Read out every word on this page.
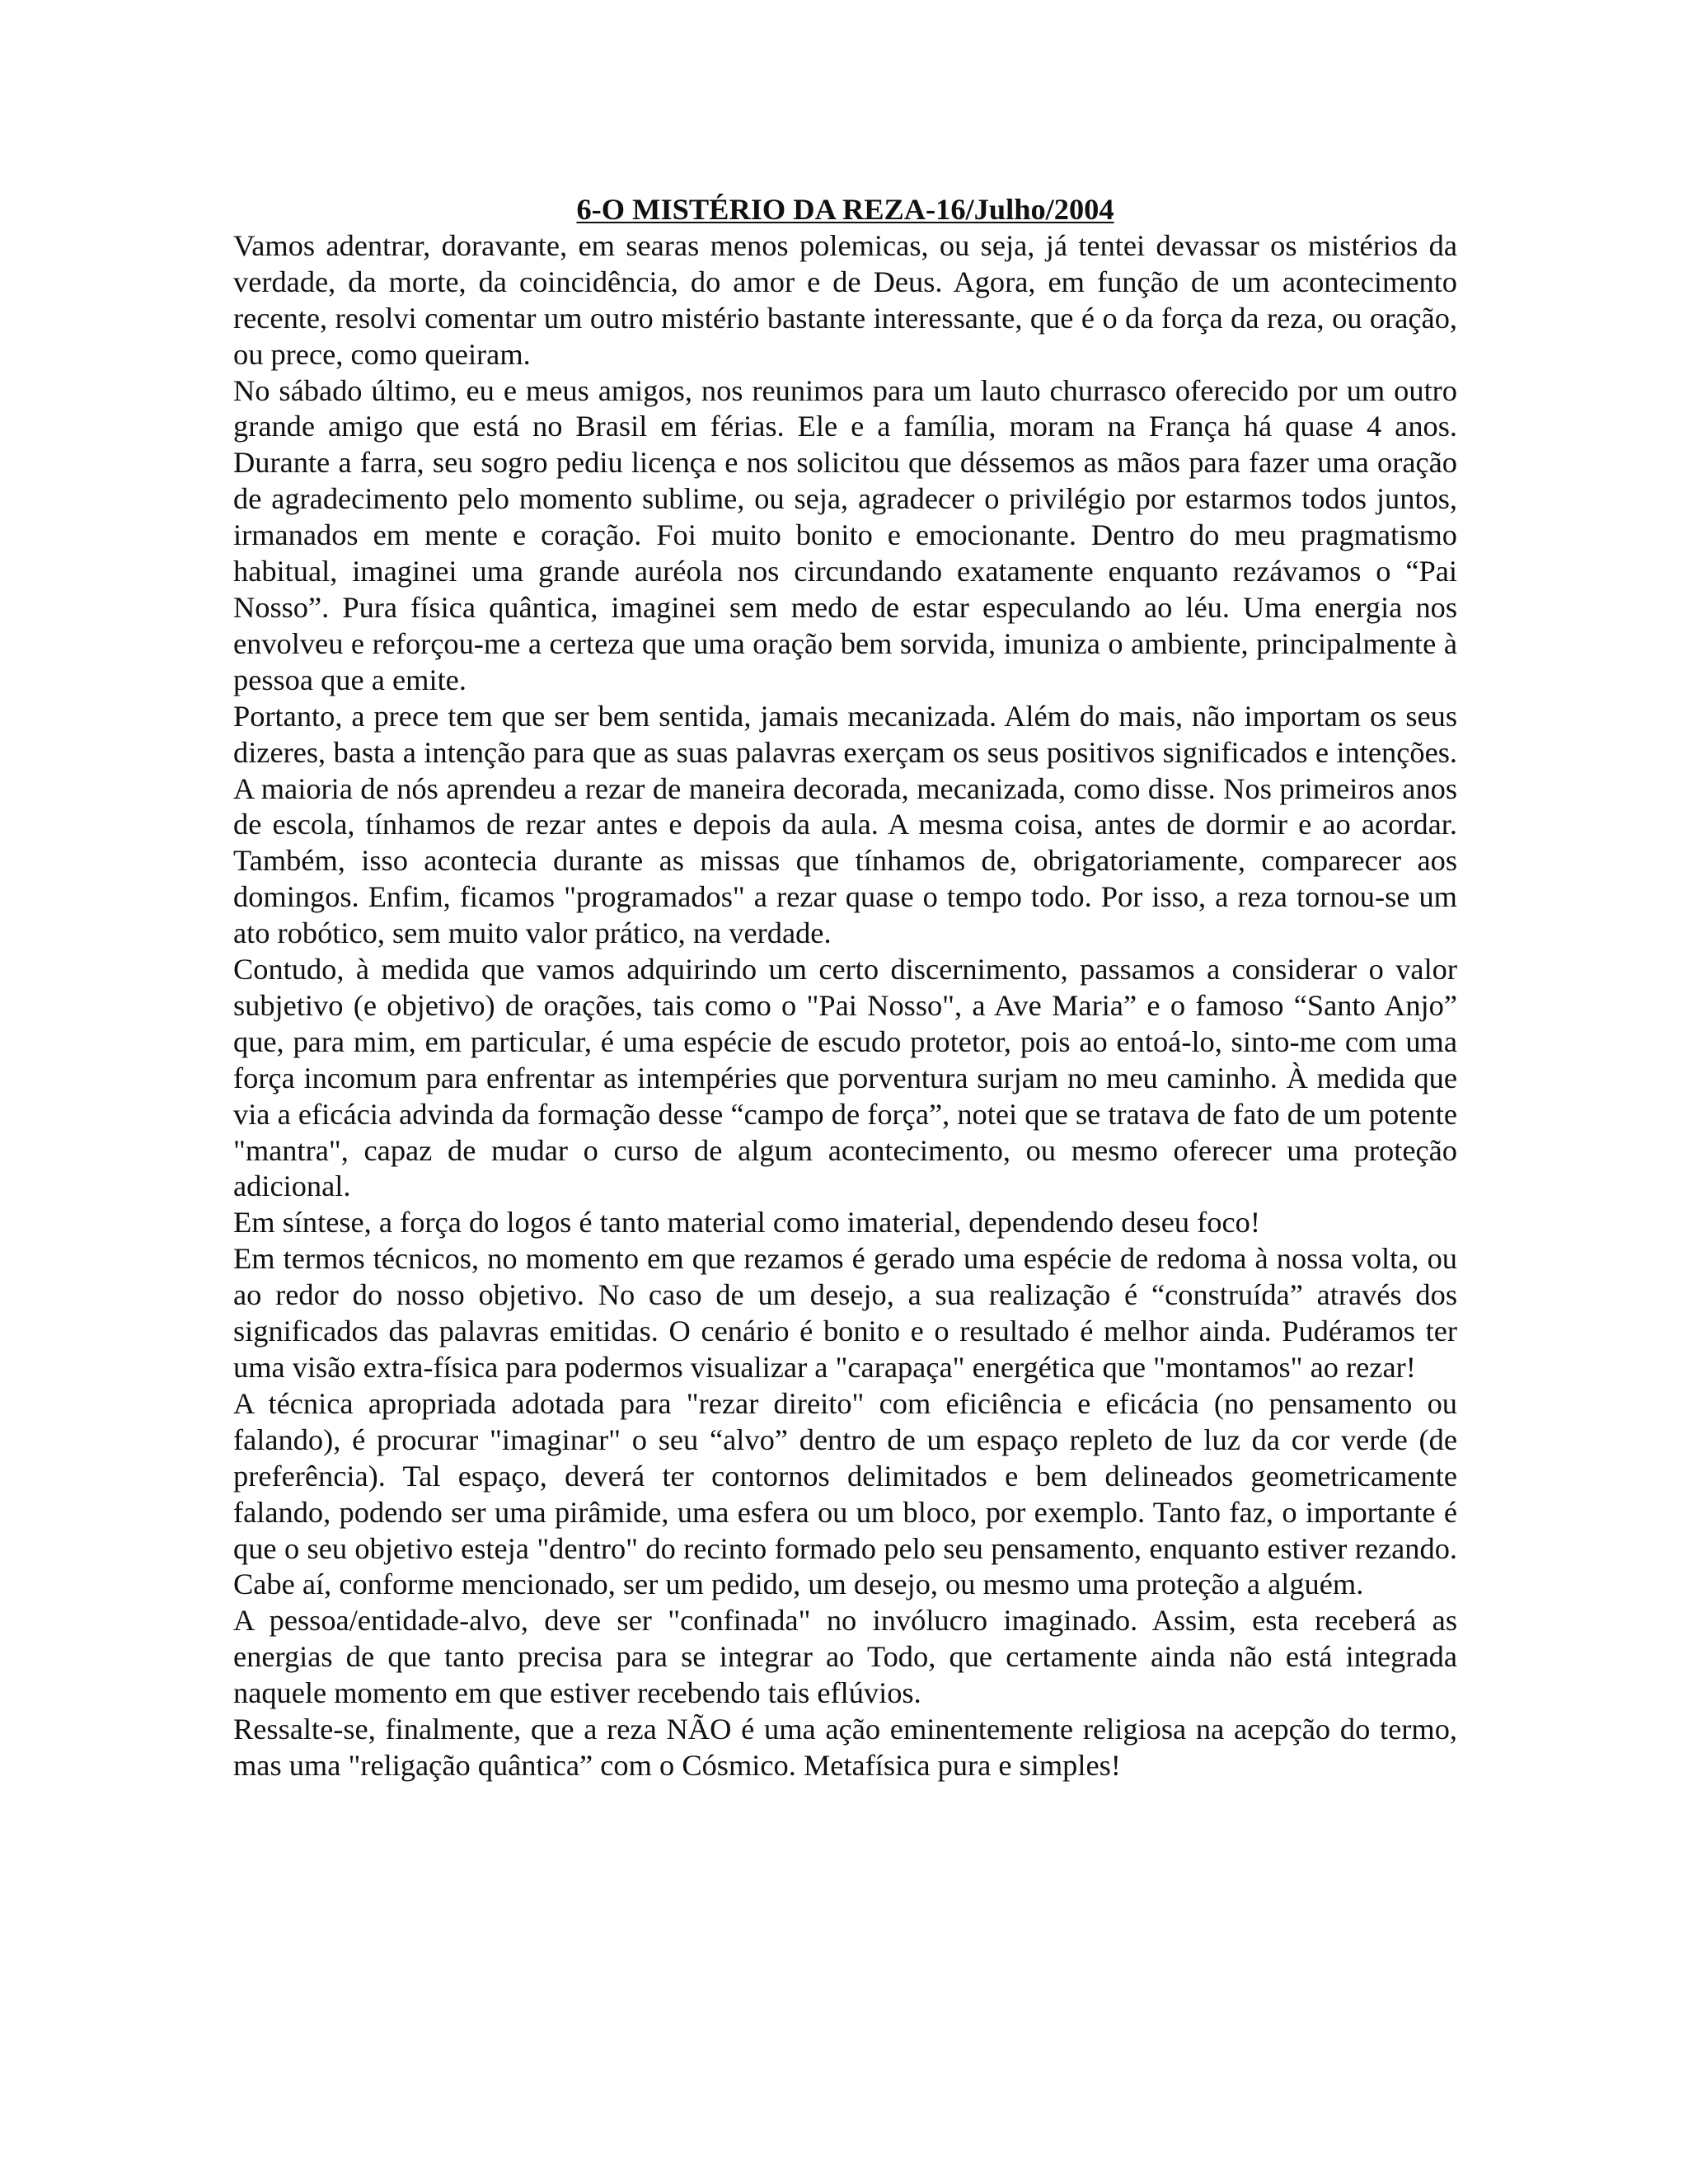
6-O MISTÉRIO DA REZA-16/Julho/2004

Vamos adentrar, doravante, em searas menos polemicas, ou seja, já tentei devassar os mistérios da verdade, da morte, da coincidência, do amor e de Deus. Agora, em função de um acontecimento recente, resolvi comentar um outro mistério bastante interessante, que é o da força da reza, ou oração, ou prece, como queiram.

No sábado último, eu e meus amigos, nos reunimos para um lauto churrasco oferecido por um outro grande amigo que está no Brasil em férias. Ele e a família, moram na França há quase 4 anos. Durante a farra, seu sogro pediu licença e nos solicitou que déssemos as mãos para fazer uma oração de agradecimento pelo momento sublime, ou seja, agradecer o privilégio por estarmos todos juntos, irmanados em mente e coração. Foi muito bonito e emocionante. Dentro do meu pragmatismo habitual, imaginei uma grande auréola nos circundando exatamente enquanto rezávamos o “Pai Nosso”. Pura física quântica, imaginei sem medo de estar especulando ao léu. Uma energia nos envolveu e reforçou-me a certeza que uma oração bem sorvida, imuniza o ambiente, principalmente à pessoa que a emite.

Portanto, a prece tem que ser bem sentida, jamais mecanizada. Além do mais, não importam os seus dizeres, basta a intenção para que as suas palavras exerçam os seus positivos significados e intenções. A maioria de nós aprendeu a rezar de maneira decorada, mecanizada, como disse. Nos primeiros anos de escola, tínhamos de rezar antes e depois da aula. A mesma coisa, antes de dormir e ao acordar. Também, isso acontecia durante as missas que tínhamos de, obrigatoriamente, comparecer aos domingos. Enfim, ficamos "programados" a rezar quase o tempo todo. Por isso, a reza tornou-se um ato robótico, sem muito valor prático, na verdade.

Contudo, à medida que vamos adquirindo um certo discernimento, passamos a considerar o valor subjetivo (e objetivo) de orações, tais como o "Pai Nosso", a Ave Maria” e o famoso “Santo Anjo” que, para mim, em particular, é uma espécie de escudo protetor, pois ao entoá-lo, sinto-me com uma força incomum para enfrentar as intempéries que porventura surjam no meu caminho. À medida que via a eficácia advinda da formação desse “campo de força”, notei que se tratava de fato de um potente "mantra", capaz de mudar o curso de algum acontecimento, ou mesmo oferecer uma proteção adicional.

Em síntese, a força do logos é tanto material como imaterial, dependendo deseu foco!

Em termos técnicos, no momento em que rezamos é gerado uma espécie de redoma à nossa volta, ou ao redor do nosso objetivo. No caso de um desejo, a sua realização é “construída” através dos significados das palavras emitidas. O cenário é bonito e o resultado é melhor ainda. Pudéramos ter uma visão extra-física para podermos visualizar a "carapaça" energética que "montamos" ao rezar!

A técnica apropriada adotada para "rezar direito" com eficiência e eficácia (no pensamento ou falando), é procurar "imaginar" o seu “alvo” dentro de um espaço repleto de luz da cor verde (de preferência). Tal espaço, deverá ter contornos delimitados e bem delineados geometricamente falando, podendo ser uma pirâmide, uma esfera ou um bloco, por exemplo. Tanto faz, o importante é que o seu objetivo esteja "dentro" do recinto formado pelo seu pensamento, enquanto estiver rezando. Cabe aí, conforme mencionado, ser um pedido, um desejo, ou mesmo uma proteção a alguém.

A pessoa/entidade-alvo, deve ser "confinada" no invólucro imaginado. Assim, esta receberá as energias de que tanto precisa para se integrar ao Todo, que certamente ainda não está integrada naquele momento em que estiver recebendo tais eflúvios.

Ressalte-se, finalmente, que a reza NÃO é uma ação eminentemente religiosa na acepção do termo, mas uma "religação quântica” com o Cósmico. Metafísica pura e simples!
